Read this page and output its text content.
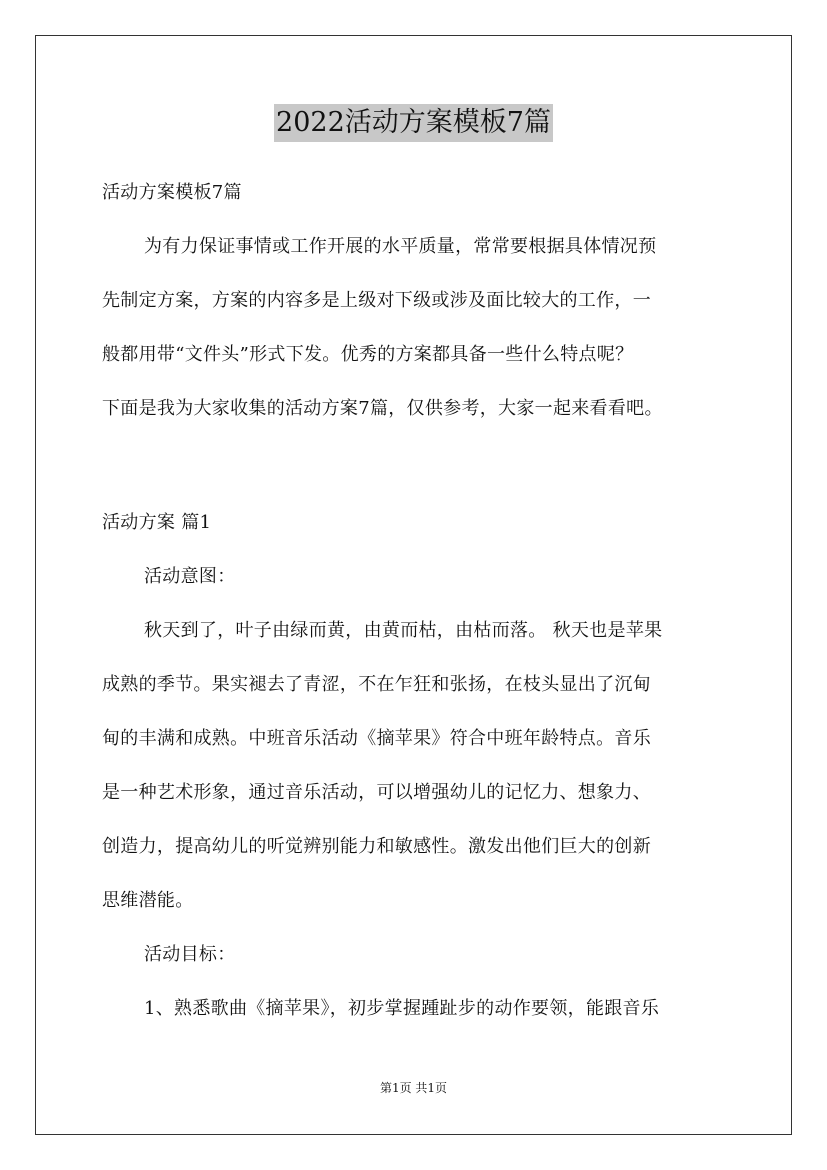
2022活动方案模板7篇
活动方案模板7篇
为有力保证事情或工作开展的水平质量，常常要根据具体情况预
先制定方案，方案的内容多是上级对下级或涉及面比较大的工作，一
般都用带“文件头”形式下发。优秀的方案都具备一些什么特点呢？
下面是我为大家收集的活动方案7篇，仅供参考，大家一起来看看吧。
活动方案 篇1
活动意图：
秋天到了，叶子由绿而黄，由黄而枯，由枯而落。 秋天也是苹果
成熟的季节。果实褪去了青涩，不在乍狂和张扬，在枝头显出了沉甸
甸的丰满和成熟。中班音乐活动《摘苹果》符合中班年龄特点。音乐
是一种艺术形象，通过音乐活动，可以增强幼儿的记忆力、想象力、
创造力，提高幼儿的听觉辨别能力和敏感性。激发出他们巨大的创新
思维潜能。
活动目标：
1、熟悉歌曲《摘苹果》，初步掌握踵趾步的动作要领，能跟音乐
第1页 共1页
